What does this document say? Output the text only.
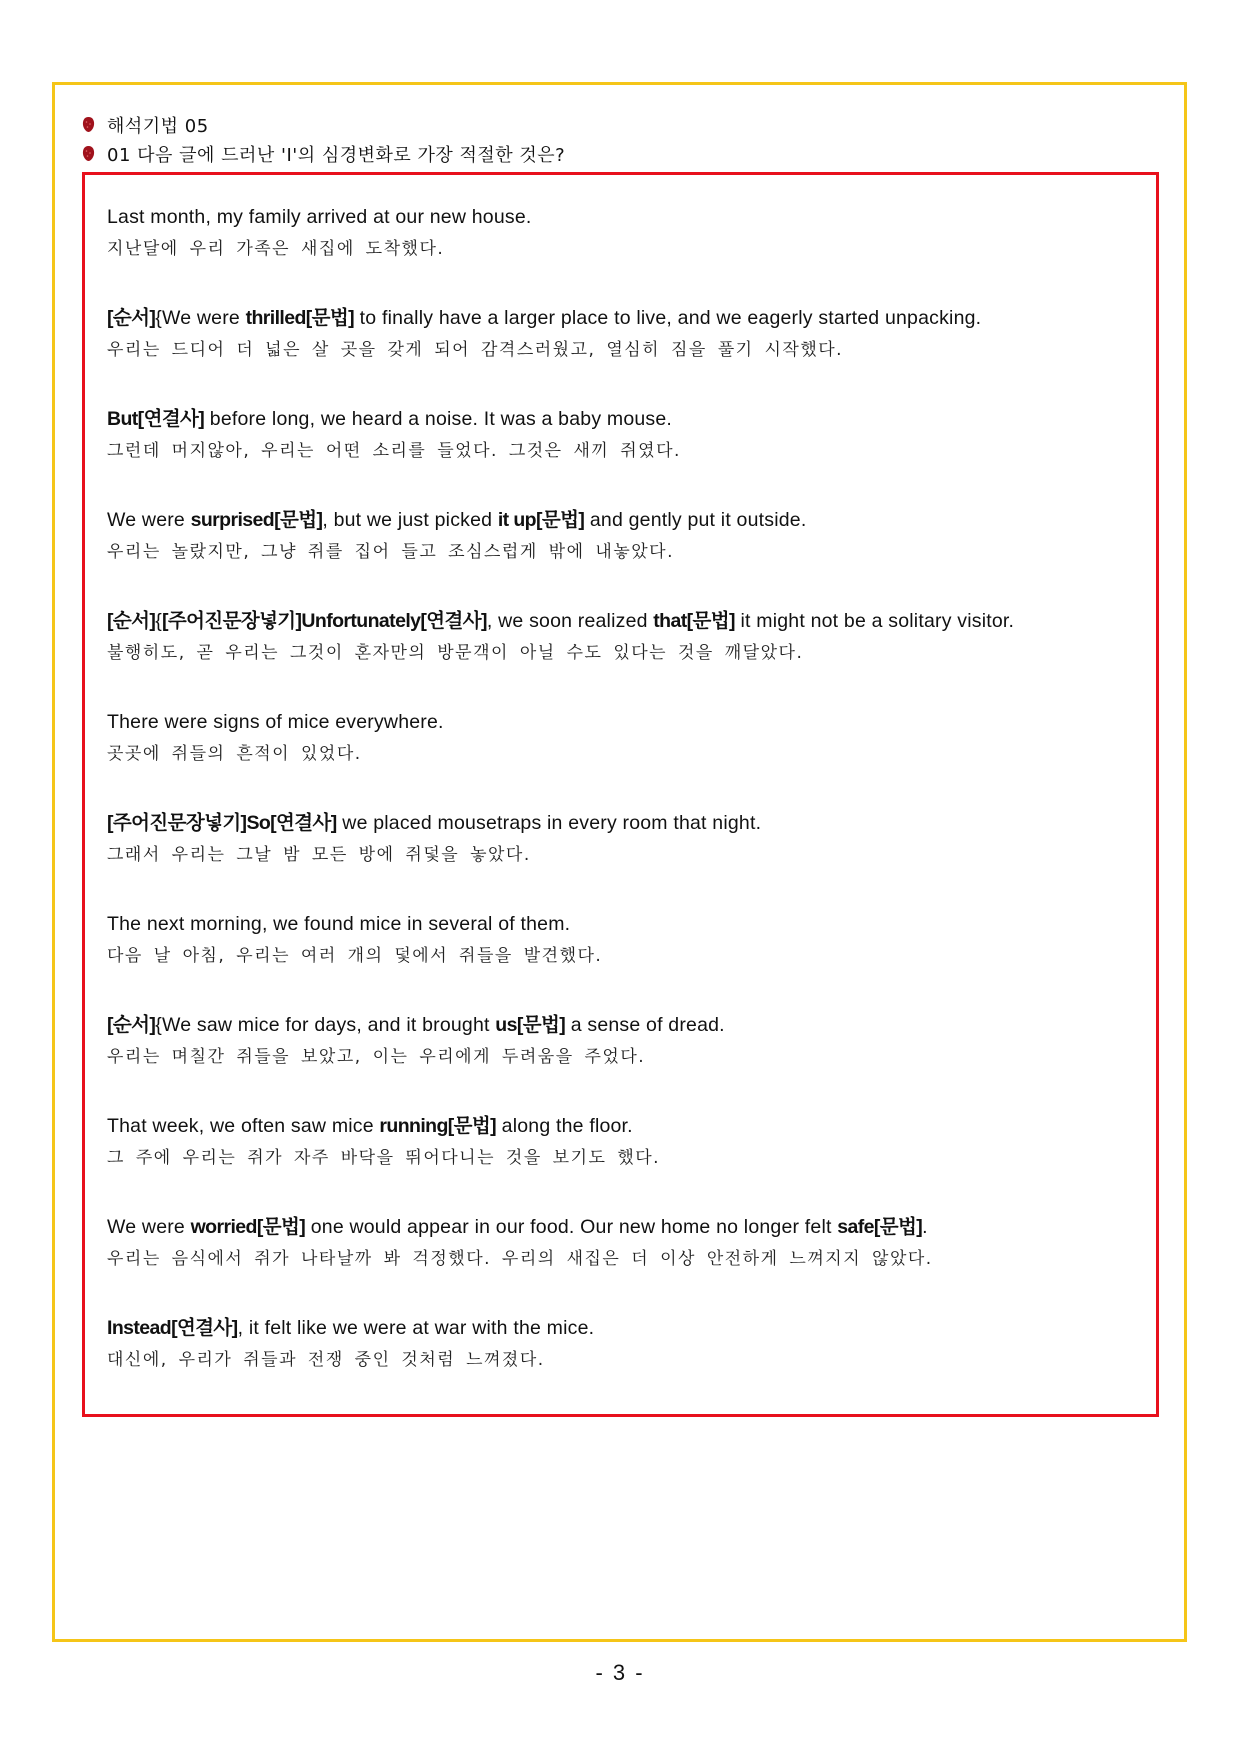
해석기법 05
01 다음 글에 드러난 'I'의 심경변화로 가장 적절한 것은?
Last month, my family arrived at our new house.
지난달에 우리 가족은 새집에 도착했다.
[순서]{We were thrilled[문법] to finally have a larger place to live, and we eagerly started unpacking.
우리는 드디어 더 넓은 살 곳을 갖게 되어 감격스러웠고, 열심히 짐을 풀기 시작했다.
But[연결사] before long, we heard a noise. It was a baby mouse.
그런데 머지않아, 우리는 어떤 소리를 들었다. 그것은 새끼 쥐였다.
We were surprised[문법], but we just picked it up[문법] and gently put it outside.
우리는 놀랐지만, 그냥 쥐를 집어 들고 조심스럽게 밖에 내놓았다.
[순서]{[주어진문장넣기]Unfortunately[연결사], we soon realized that[문법] it might not be a solitary visitor.
불행히도, 곧 우리는 그것이 혼자만의 방문객이 아닐 수도 있다는 것을 깨달았다.
There were signs of mice everywhere.
곳곳에 쥐들의 흔적이 있었다.
[주어진문장넣기]So[연결사] we placed mousetraps in every room that night.
그래서 우리는 그날 밤 모든 방에 쥐덫을 놓았다.
The next morning, we found mice in several of them.
다음 날 아침, 우리는 여러 개의 덫에서 쥐들을 발견했다.
[순서]{We saw mice for days, and it brought us[문법] a sense of dread.
우리는 며칠간 쥐들을 보았고, 이는 우리에게 두려움을 주었다.
That week, we often saw mice running[문법] along the floor.
그 주에 우리는 쥐가 자주 바닥을 뛰어다니는 것을 보기도 했다.
We were worried[문법] one would appear in our food. Our new home no longer felt safe[문법].
우리는 음식에서 쥐가 나타날까 봐 걱정했다. 우리의 새집은 더 이상 안전하게 느껴지지 않았다.
Instead[연결사], it felt like we were at war with the mice.
대신에, 우리가 쥐들과 전쟁 중인 것처럼 느껴졌다.
- 3 -
